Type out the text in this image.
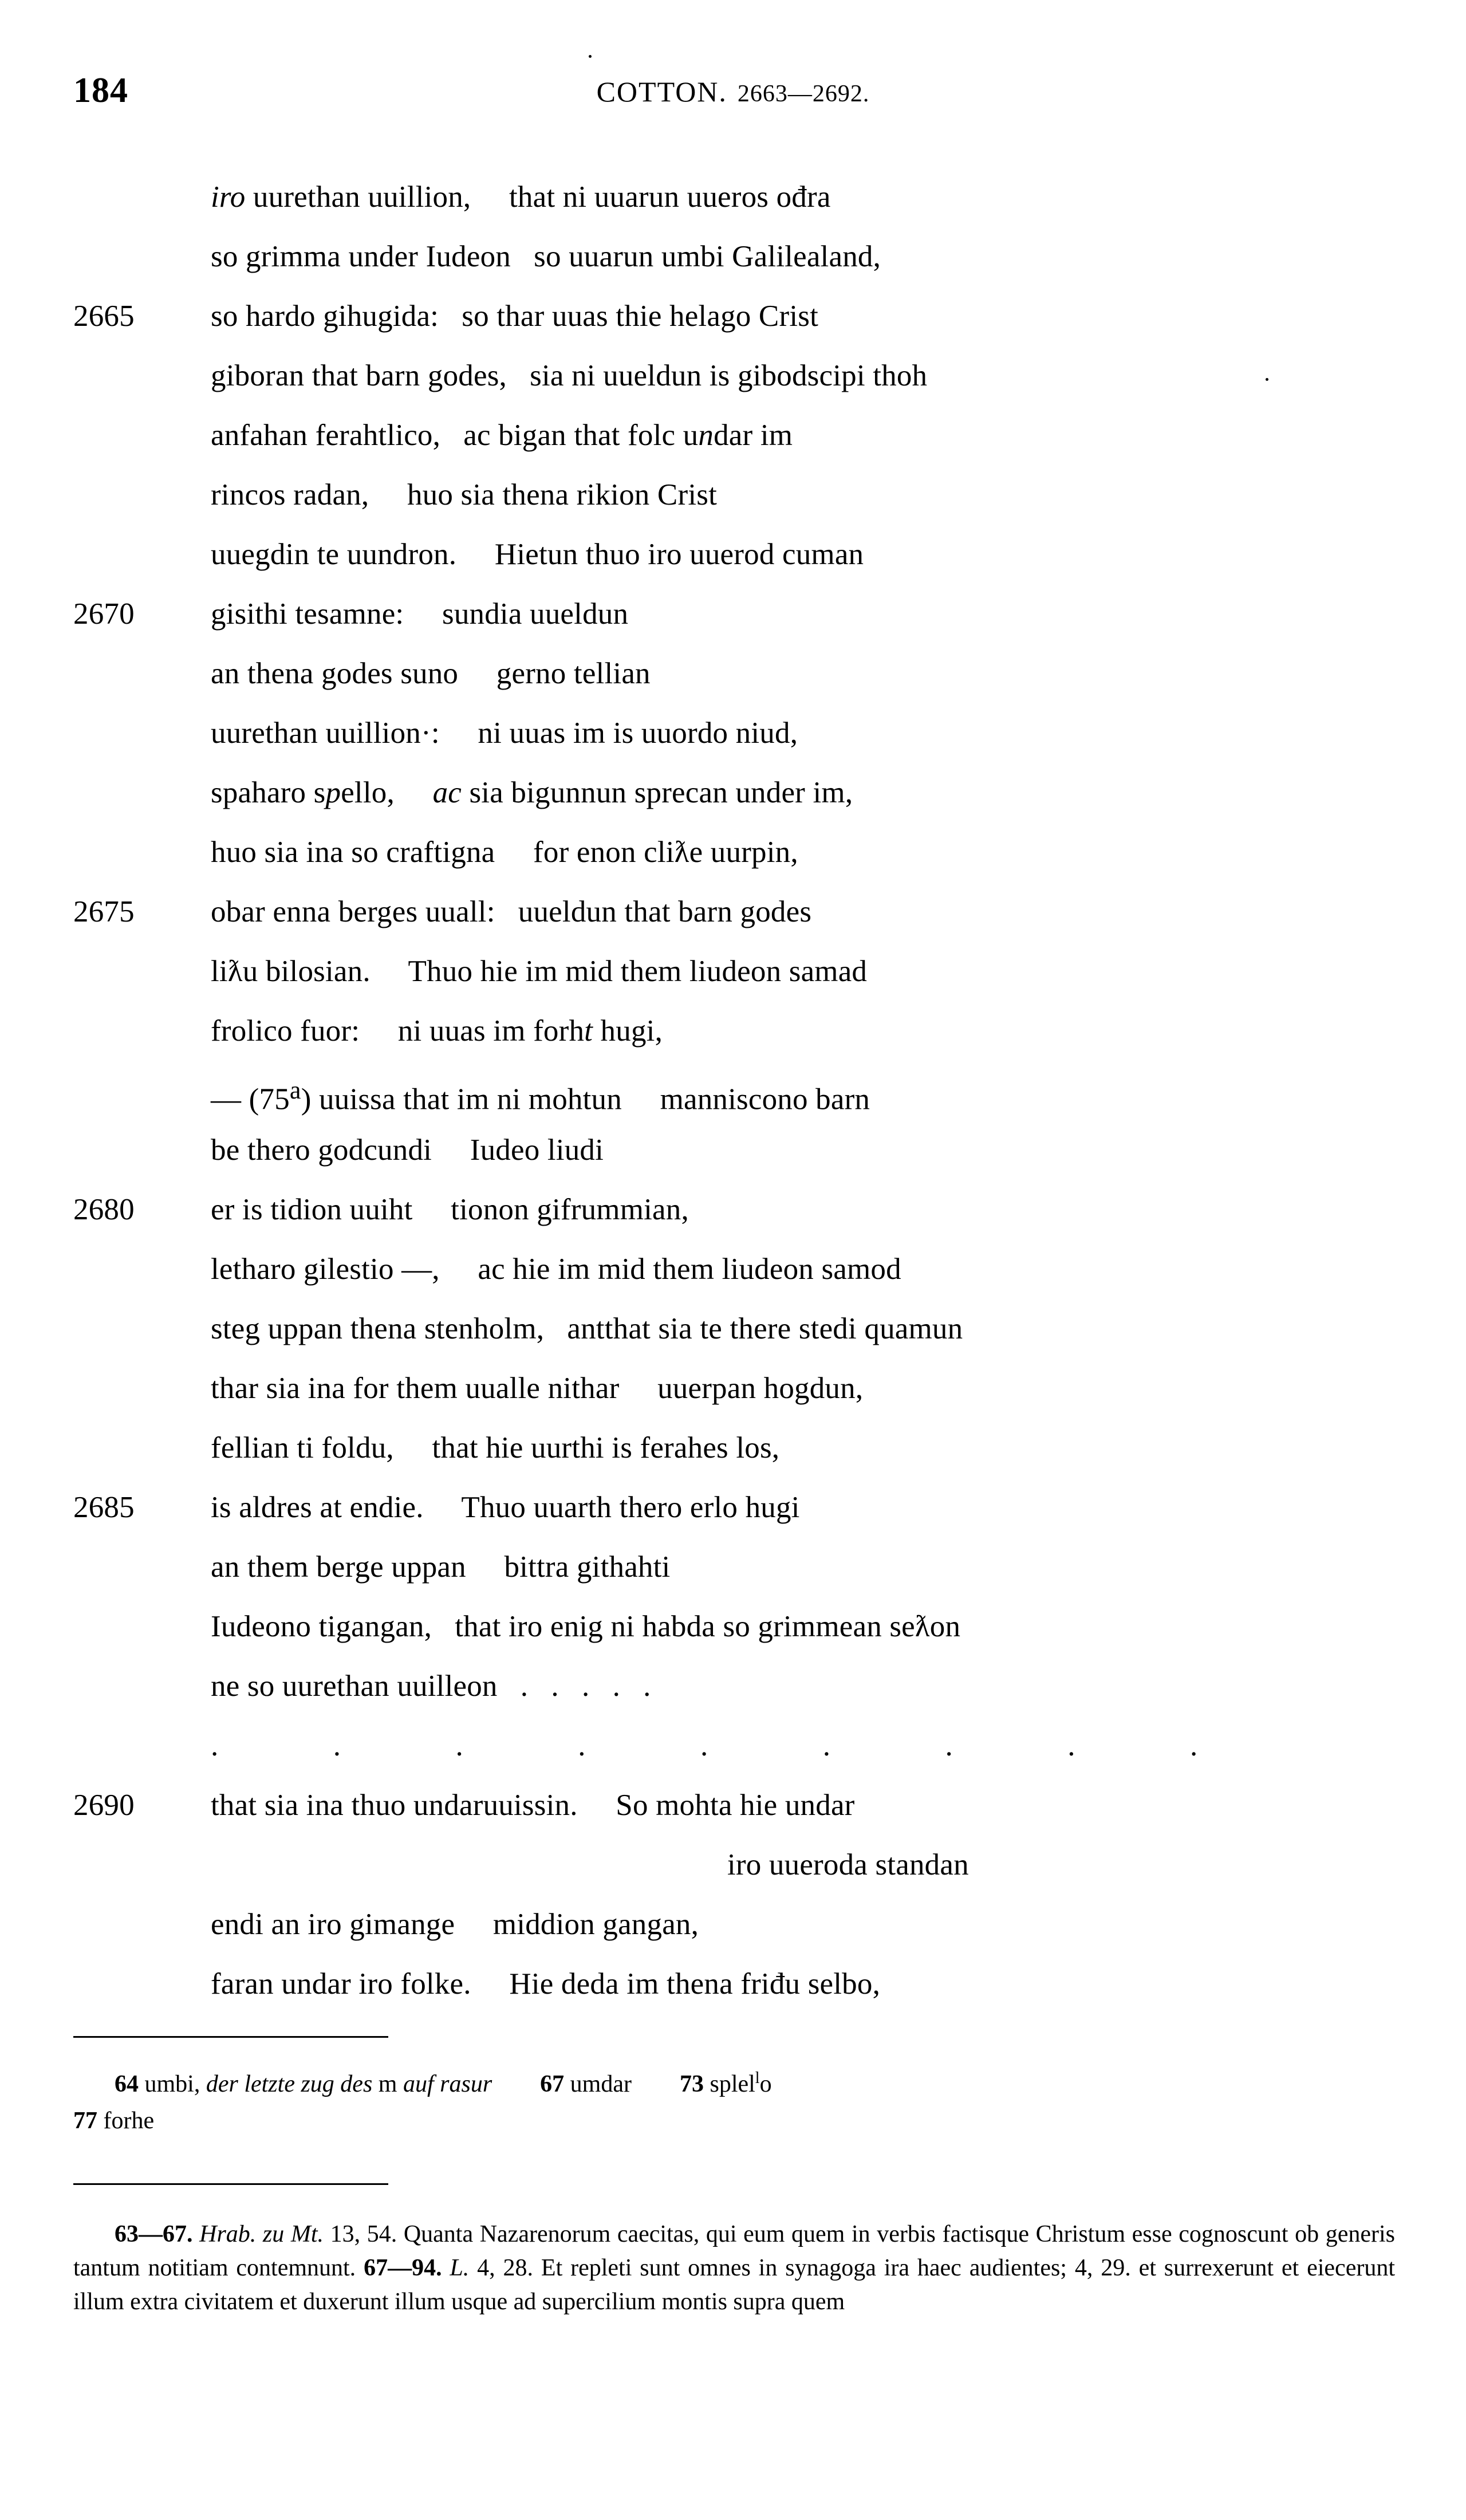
184	COTTON. 2663—2692.
iro uurethan uuillion,  that ni uuarun uueros ođra
so grimma under Iudeon  so uuarun umbi Galilealand,
2665	so hardo gihugida:  so thar uuas thie helago Crist
giboran that barn godes,  sia ni uueldun is gibodscipi thoh
anfahan ferahtlico,  ac bigan that folc undar im
rincos radan,  huo sia thena rikion Crist
uuegdin te uundron.  Hietun thuo iro uuerod cuman
2670	gisithi tesamne:  sundia uueldun
an thena godes suno  gerno tellian
uurethan uuillion·:  ni uuas im is uuordo niud,
spaharo spello,  ac sia bigunnun sprecan under im,
huo sia ina so craftigna  for enon cliƛe uurpin,
2675	obar enna berges uuall:  uueldun that barn godes
liƛu bilosian.  Thuo hie im mid them liudeon samad
frolico fuor:  ni uuas im forht hugi,
— (75$^a$) uuissa that im ni mohtun  manniscono barn
be thero godcundi  Iudeo liudi
2680	er is tidion uuiht  tionon gifrummian,
letharo gilestio —,  ac hie im mid them liudeon samod
steg uppan thena stenholm,  antthat sia te there stedi quamun
thar sia ina for them uualle nithar  uuerpan hogdun,
fellian ti foldu,  that hie uurthi is ferahes los,
2685	is aldres at endie.  Thuo uuarth thero erlo hugi
an them berge uppan  bittra githahti
Iudeono tigangan,  that iro enig ni habda so grimmean seƛon
ne so uurethan uuilleon  .  .  .  .  .
.  .  .  .  .  .  .  .  .
2690	that sia ina thuo undaruuissin.  So mohta hie undar
iro uueroda standan
endi an iro gimange  middion gangan,
faran undar iro folke.  Hie deda im thena friđu selbo,
64 umbi, der letzte zug des m auf rasur   67 umdar  73 splel$^l$o
77 forhe
63—67. Hrab. zu Mt. 13, 54. Quanta Nazarenorum caecitas, qui eum quem in verbis factisque Christum esse cognoscunt ob generis tantum notitiam contemnunt. 67—94. L. 4, 28. Et repleti sunt omnes in synagoga ira haec audientes; 4, 29. et surrexerunt et eiecerunt illum extra civitatem et duxerunt illum usque ad supercilium montis supra quem
